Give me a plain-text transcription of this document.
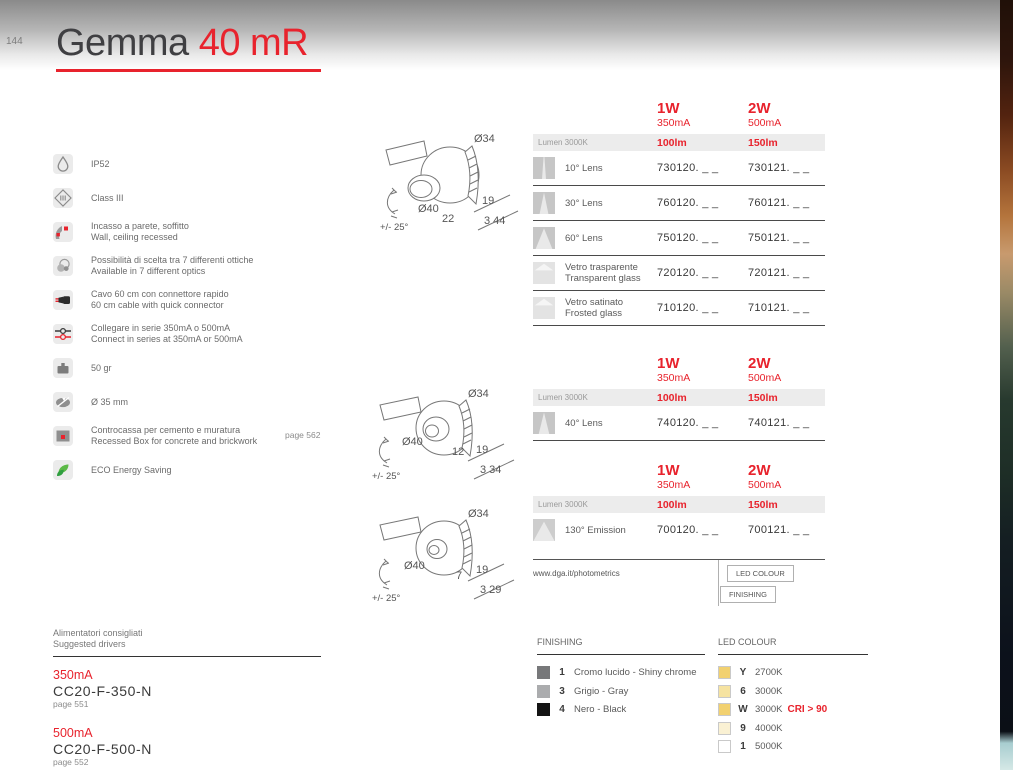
144 Gemma 40 mR
IP52
Class III
Incasso a parete, soffitto
Wall, ceiling recessed
Possibilità di scelta tra 7 differenti ottiche
Available in 7 different optics
Cavo 60 cm con connettore rapido
60 cm cable with quick connector
Collegare in serie 350mA o 500mA
Connect in series at 350mA or 500mA
50 gr
Ø 35 mm
Controcassa per cemento e muratura
Recessed Box for concrete and brickwork
page 562
ECO Energy Saving
Ø34
Ø40
22
19
3 44
+/- 25°
Ø34
Ø40
12 19
3 34
+/- 25°
Ø34
Ø40
7 19
3 29
+/- 25°
1W
350mA
2W
500mA
Lumen 3000K	100lm	150lm
10° Lens	730120. _ _	730121. _ _
30° Lens	760120. _ _	760121. _ _
60° Lens	750120. _ _	750121. _ _
Vetro trasparente
Transparent glass 720120. _ _	720121. _ _
Vetro satinato
Frosted glass	710120. _ _	710121. _ _
1W
350mA
2W
500mA
Lumen 3000K	100lm	150lm
40° Lens	740120. _ _	740121. _ _
1W
350mA
2W
500mA
Lumen 3000K	100lm	150lm
130° Emission	700120. _ _	700121. _ _
www.dga.it/photometrics	LED COLOUR
FINISHING
Alimentatori consigliati
Suggested drivers
350mA
CC20-F-350-N
page 551
500mA
CC20-F-500-N
page 552
FINISHING
1 Cromo lucido - Shiny chrome
3 Grigio - Gray
4 Nero - Black
LED COLOUR
Y 2700K
6 3000K
W 3000K CRI > 90
9 4000K
1 5000K
